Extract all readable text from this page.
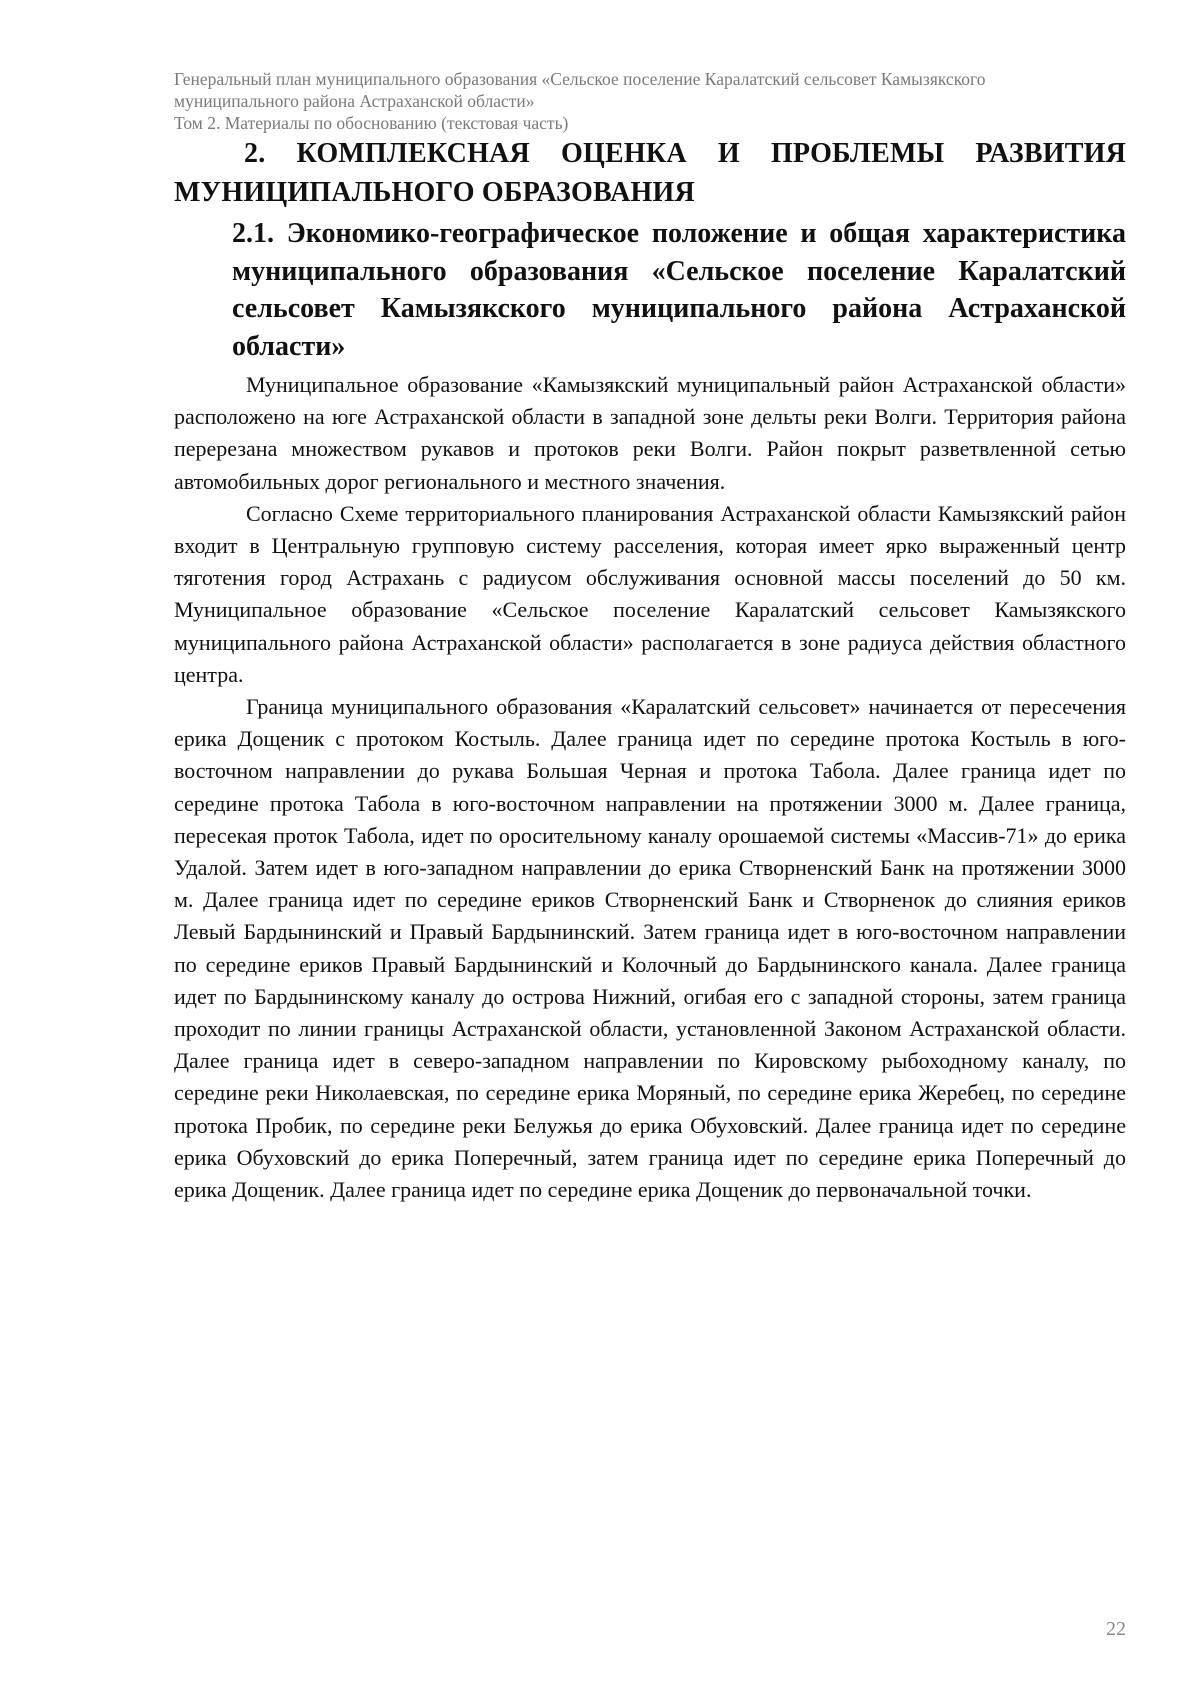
Генеральный план муниципального образования «Сельское поселение Каралатский сельсовет Камызякского
муниципального района Астраханской области»
Том 2. Материалы по обоснованию (текстовая часть)
2. КОМПЛЕКСНАЯ ОЦЕНКА И ПРОБЛЕМЫ РАЗВИТИЯ МУНИЦИПАЛЬНОГО ОБРАЗОВАНИЯ
2.1. Экономико-географическое положение и общая характеристика муниципального образования «Сельское поселение Каралатский сельсовет Камызякского муниципального района Астраханской области»

Муниципальное образование «Камызякский муниципальный район Астраханской области» расположено на юге Астраханской области в западной зоне дельты реки Волги. Территория района перерезана множеством рукавов и протоков реки Волги. Район покрыт разветвленной сетью автомобильных дорог регионального и местного значения.

Согласно Схеме территориального планирования Астраханской области Камызякский район входит в Центральную групповую систему расселения, которая имеет ярко выраженный центр тяготения город Астрахань с радиусом обслуживания основной массы поселений до 50 км. Муниципальное образование «Сельское поселение Каралатский сельсовет Камызякского муниципального района Астраханской области» располагается в зоне радиуса действия областного центра.

Граница муниципального образования «Каралатский сельсовет» начинается от пересечения ерика Дощеник с протоком Костыль. Далее граница идет по середине протока Костыль в юго-восточном направлении до рукава Большая Черная и протока Табола. Далее граница идет по середине протока Табола в юго-восточном направлении на протяжении 3000 м. Далее граница, пересекая проток Табола, идет по оросительному каналу орошаемой системы «Массив-71» до ерика Удалой. Затем идет в юго-западном направлении до ерика Створненский Банк на протяжении 3000 м. Далее граница идет по середине ериков Створненский Банк и Створненок до слияния ериков Левый Бардынинский и Правый Бардынинский. Затем граница идет в юго-восточном направлении по середине ериков Правый Бардынинский и Колочный до Бардынинского канала. Далее граница идет по Бардынинскому каналу до острова Нижний, огибая его с западной стороны, затем граница проходит по линии границы Астраханской области, установленной Законом Астраханской области. Далее граница идет в северо-западном направлении по Кировскому рыбоходному каналу, по середине реки Николаевская, по середине ерика Моряный, по середине ерика Жеребец, по середине протока Пробик, по середине реки Белужья до ерика Обуховский. Далее граница идет по середине ерика Обуховский до ерика Поперечный, затем граница идет по середине ерика Поперечный до ерика Дощеник. Далее граница идет по середине ерика Дощеник до первоначальной точки.

22
